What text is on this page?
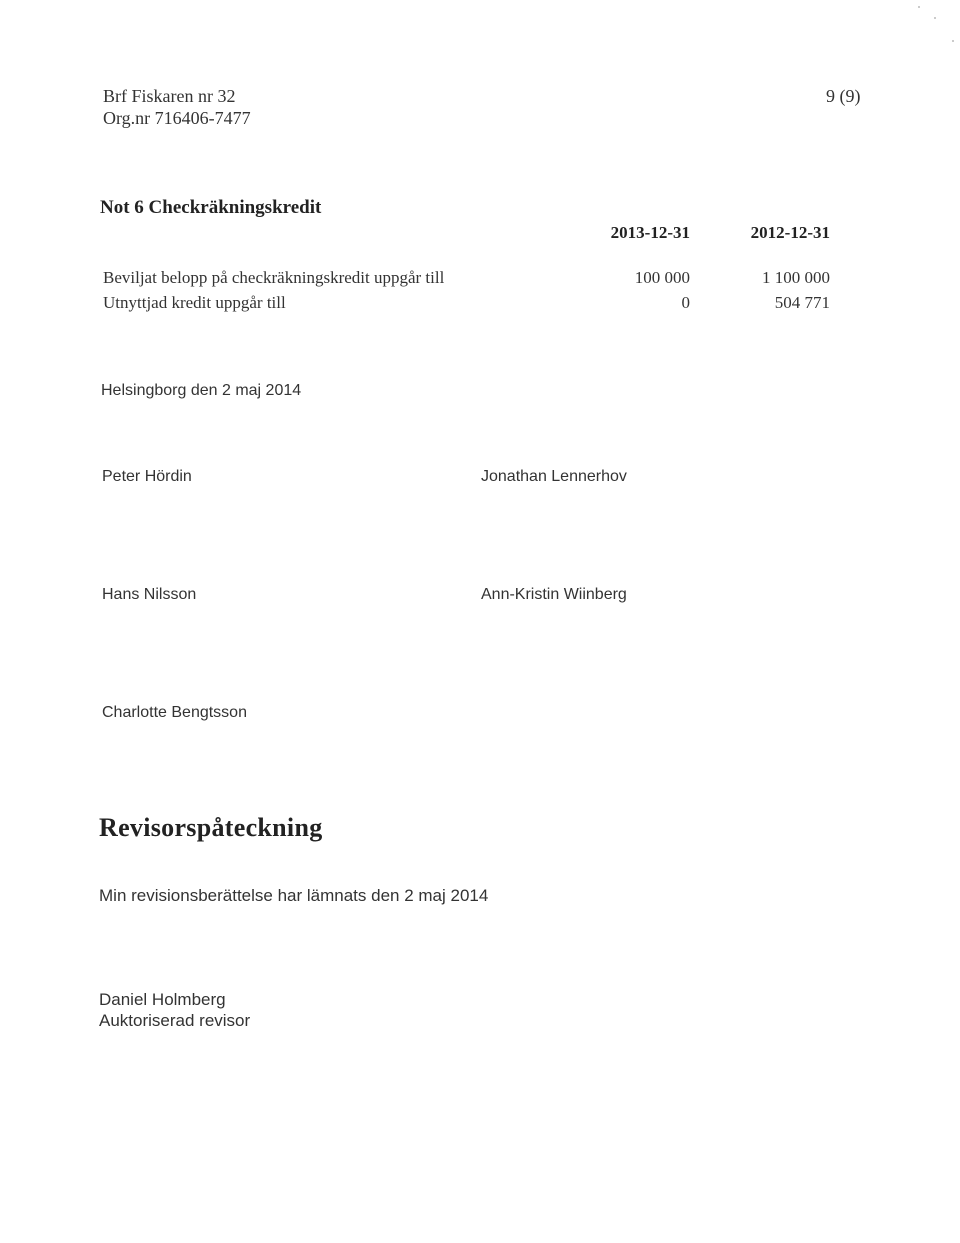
Brf Fiskaren nr 32
Org.nr 716406-7477
9 (9)
Not 6 Checkräkningskredit
2013-12-31	2012-12-31
Beviljat belopp på checkräkningskredit uppgår till	100 000	1 100 000
Utnyttjad kredit uppgår till	0	504 771
Helsingborg den 2 maj 2014
Peter Hördin	Jonathan Lennerhov
Hans Nilsson	Ann-Kristin Wiinberg
Charlotte Bengtsson
Revisorspåteckning
Min revisionsberättelse har lämnats den 2 maj 2014
Daniel Holmberg
Auktoriserad revisor
